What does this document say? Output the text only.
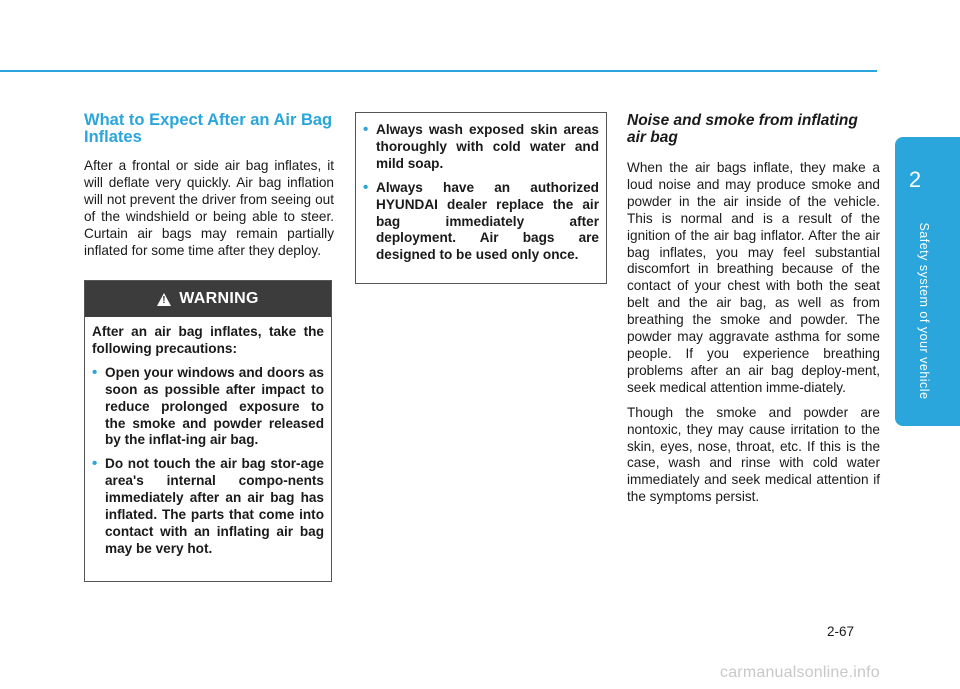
What to Expect After an Air Bag Inflates

After a frontal or side air bag inflates, it will deflate very quickly. Air bag inflation will not prevent the driver from seeing out of the windshield or being able to steer. Curtain air bags may remain partially inflated for some time after they deploy.

!
WARNING

After an air bag inflates, take the following precautions:

• Open your windows and doors as soon as possible after impact to reduce prolonged exposure to the smoke and powder released by the inflat-ing air bag.
• Do not touch the air bag stor-age area's internal compo-nents immediately after an air bag has inflated. The parts that come into contact with an inflating air bag may be very hot.
• Always wash exposed skin areas thoroughly with cold water and mild soap.
• Always have an authorized HYUNDAI dealer replace the air bag immediately after deployment. Air bags are designed to be used only once.
Noise and smoke from inflating air bag

When the air bags inflate, they make a loud noise and may produce smoke and powder in the air inside of the vehicle. This is normal and is a result of the ignition of the air bag inflator. After the air bag inflates, you may feel substantial discomfort in breathing because of the contact of your chest with both the seat belt and the air bag, as well as from breathing the smoke and powder. The powder may aggravate asthma for some people. If you experience breathing problems after an air bag deploy-ment, seek medical attention imme-diately.

Though the smoke and powder are nontoxic, they may cause irritation to the skin, eyes, nose, throat, etc. If this is the case, wash and rinse with cold water immediately and seek medical attention if the symptoms persist.

2
Safety system of your vehicle
2-67
carmanualsonline.info
